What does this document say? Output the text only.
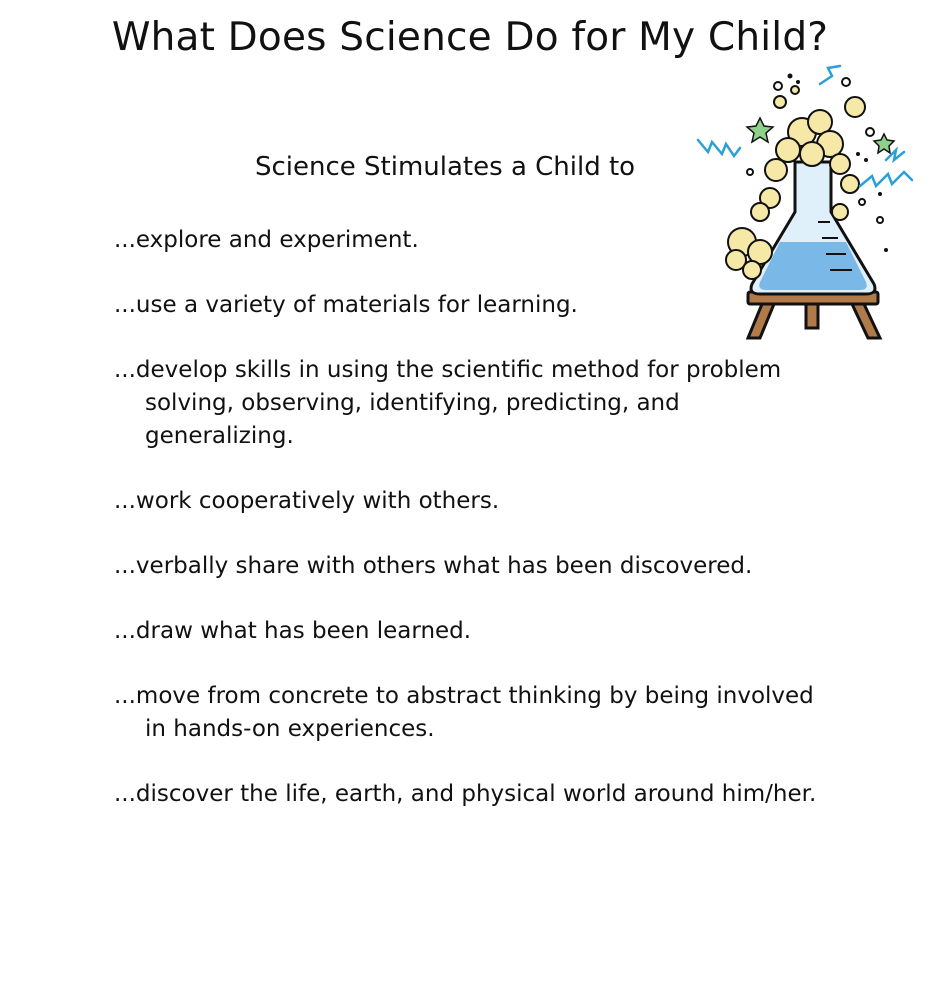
What Does Science Do for My Child?

Science Stimulates a Child to

...explore and experiment.
...use a variety of materials for learning.
...develop skills in using the scientific method for problem solving, observing, identifying, predicting, and generalizing.
...work cooperatively with others.
...verbally share with others what has been discovered.
...draw what has been learned.
...move from concrete to abstract thinking by being involved in hands-on experiences.
...discover the life, earth, and physical world around him/her.
